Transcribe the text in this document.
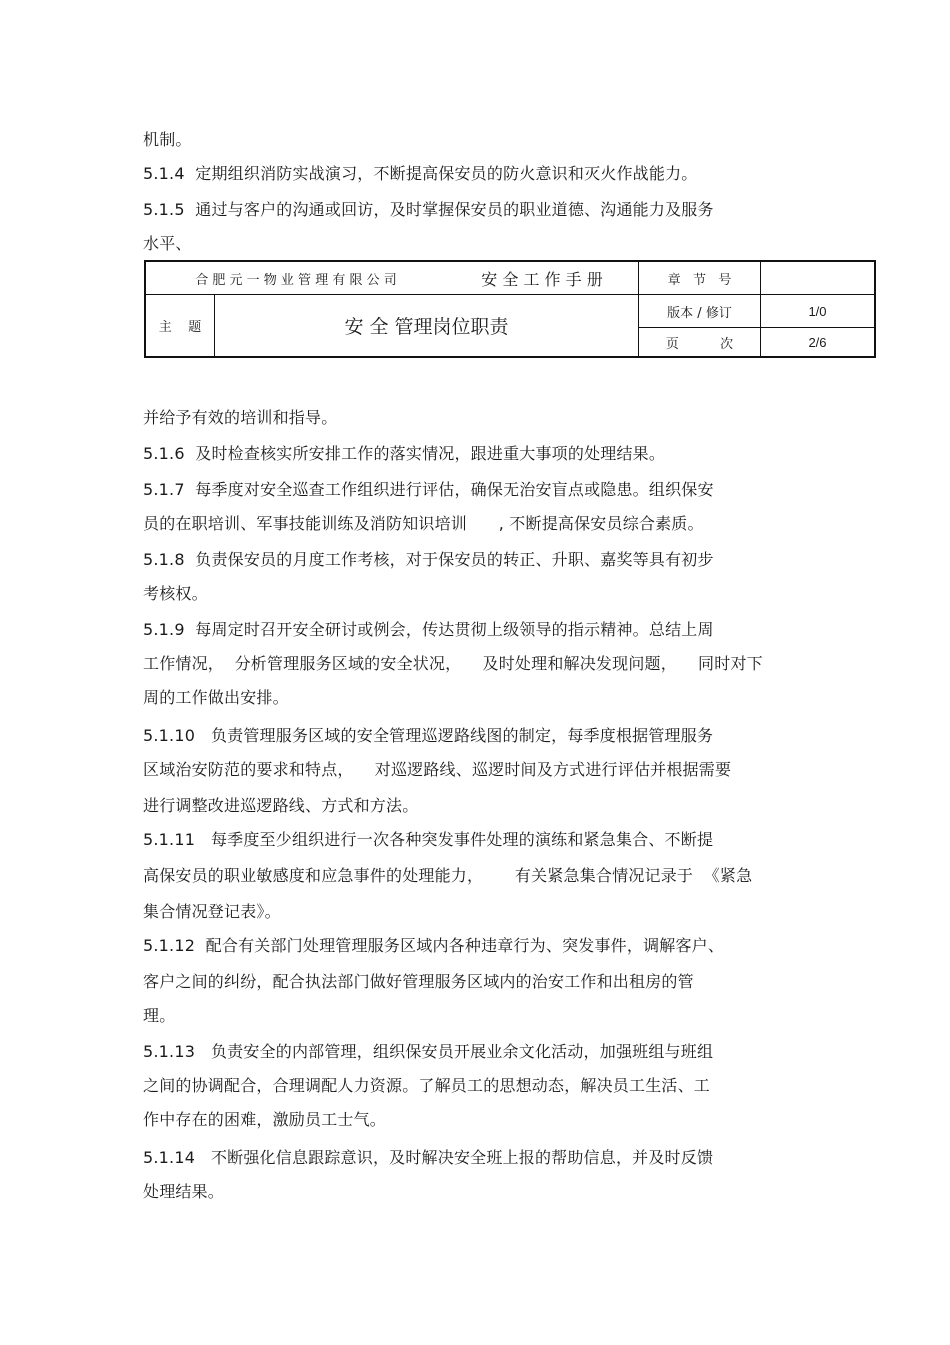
机制。
5.1.4  定期组织消防实战演习，不断提高保安员的防火意识和灭火作战能力。
5.1.5  通过与客户的沟通或回访，及时掌握保安员的职业道德、沟通能力及服务
水平、
合 肥 元 一 物 业 管 理 有 限 公 司	安 全 工 作 手 册	章   节   号
主    题	安 全 管理岗位职责
版本 / 修订	1/0
页          次	2/6
并给予有效的培训和指导。
5.1.6  及时检查核实所安排工作的落实情况，跟进重大事项的处理结果。
5.1.7  每季度对安全巡查工作组织进行评估，确保无治安盲点或隐患。组织保安
员的在职培训、军事技能训练及消防知识培训      , 不断提高保安员综合素质。
5.1.8  负责保安员的月度工作考核，对于保安员的转正、升职、嘉奖等具有初步
考核权。
5.1.9  每周定时召开安全研讨或例会，传达贯彻上级领导的指示精神。总结上周
工作情况，  分析管理服务区域的安全状况，    及时处理和解决发现问题，    同时对下
周的工作做出安排。
5.1.10   负责管理服务区域的安全管理巡逻路线图的制定，每季度根据管理服务
区域治安防范的要求和特点，    对巡逻路线、巡逻时间及方式进行评估并根据需要
进行调整改进巡逻路线、方式和方法。
5.1.11   每季度至少组织进行一次各种突发事件处理的演练和紧急集合、不断提
高保安员的职业敏感度和应急事件的处理能力，      有关紧急集合情况记录于  《紧急
集合情况登记表》。
5.1.12  配合有关部门处理管理服务区域内各种违章行为、突发事件，调解客户、
客户之间的纠纷，配合执法部门做好管理服务区域内的治安工作和出租房的管
理。
5.1.13   负责安全的内部管理，组织保安员开展业余文化活动，加强班组与班组
之间的协调配合，合理调配人力资源。了解员工的思想动态，解决员工生活、工
作中存在的困难，激励员工士气。
5.1.14   不断强化信息跟踪意识，及时解决安全班上报的帮助信息，并及时反馈
处理结果。
